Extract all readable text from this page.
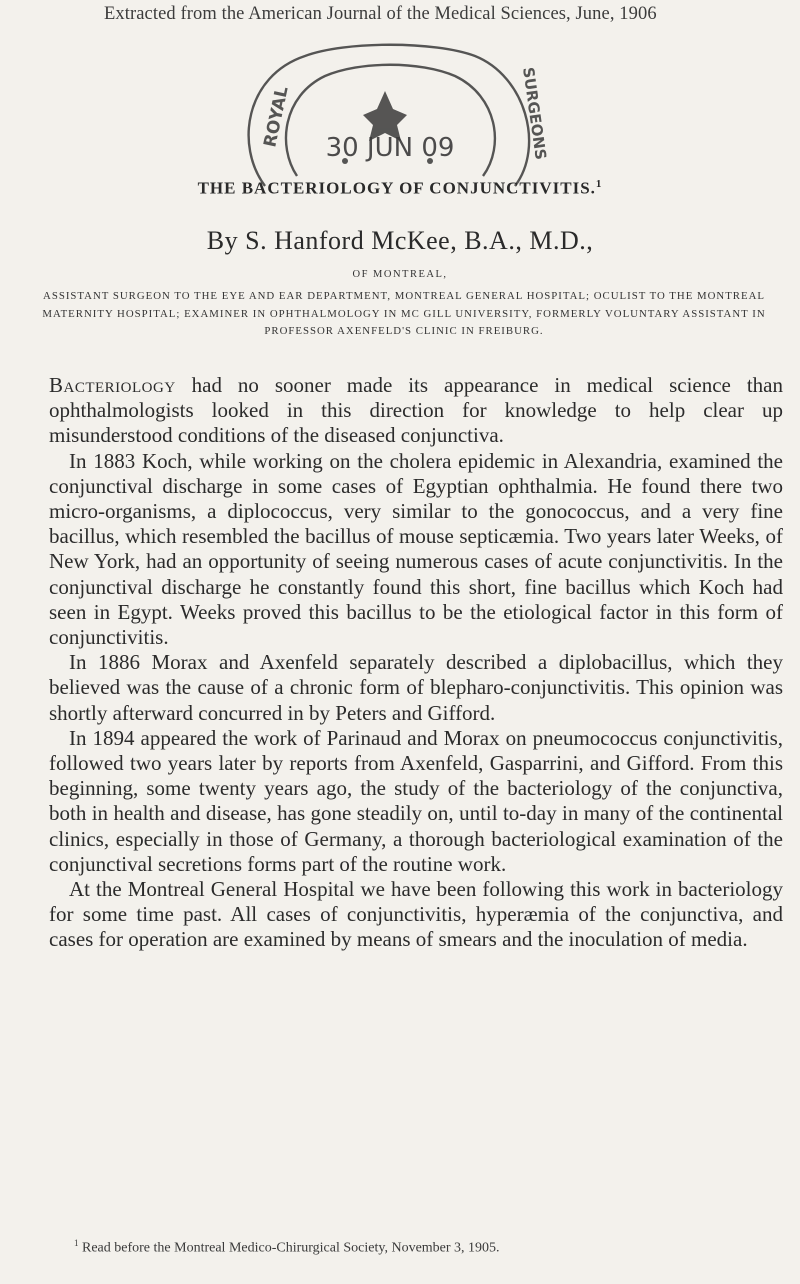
Extracted from the American Journal of the Medical Sciences, June, 1906
30 JUN 09
ROYAL	SURGEONS
THE BACTERIOLOGY OF CONJUNCTIVITIS.$^1$
By S. Hanford McKee, B.A., M.D.,
OF MONTREAL,
ASSISTANT SURGEON TO THE EYE AND EAR DEPARTMENT, MONTREAL GENERAL HOSPITAL; OCULIST TO THE MONTREAL MATERNITY HOSPITAL; EXAMINER IN OPHTHALMOLOGY IN MC GILL UNIVERSITY, FORMERLY VOLUNTARY ASSISTANT IN PROFESSOR AXENFELD'S CLINIC IN FREIBURG.

Bacteriology had no sooner made its appearance in medical science than ophthalmologists looked in this direction for knowledge to help clear up misunderstood conditions of the diseased conjunctiva.

In 1883 Koch, while working on the cholera epidemic in Alexandria, examined the conjunctival discharge in some cases of Egyptian ophthalmia. He found there two micro-organisms, a diplococcus, very similar to the gonococcus, and a very fine bacillus, which resembled the bacillus of mouse septicæmia. Two years later Weeks, of New York, had an opportunity of seeing numerous cases of acute conjunctivitis. In the conjunctival discharge he constantly found this short, fine bacillus which Koch had seen in Egypt. Weeks proved this bacillus to be the etiological factor in this form of conjunctivitis.

In 1886 Morax and Axenfeld separately described a diplobacillus, which they believed was the cause of a chronic form of blepharo-conjunctivitis. This opinion was shortly afterward concurred in by Peters and Gifford.

In 1894 appeared the work of Parinaud and Morax on pneumococcus conjunctivitis, followed two years later by reports from Axenfeld, Gasparrini, and Gifford. From this beginning, some twenty years ago, the study of the bacteriology of the conjunctiva, both in health and disease, has gone steadily on, until to-day in many of the continental clinics, especially in those of Germany, a thorough bacteriological examination of the conjunctival secretions forms part of the routine work.

At the Montreal General Hospital we have been following this work in bacteriology for some time past. All cases of conjunctivitis, hyperæmia of the conjunctiva, and cases for operation are examined by means of smears and the inoculation of media.

$^1$ Read before the Montreal Medico-Chirurgical Society, November 3, 1905.
